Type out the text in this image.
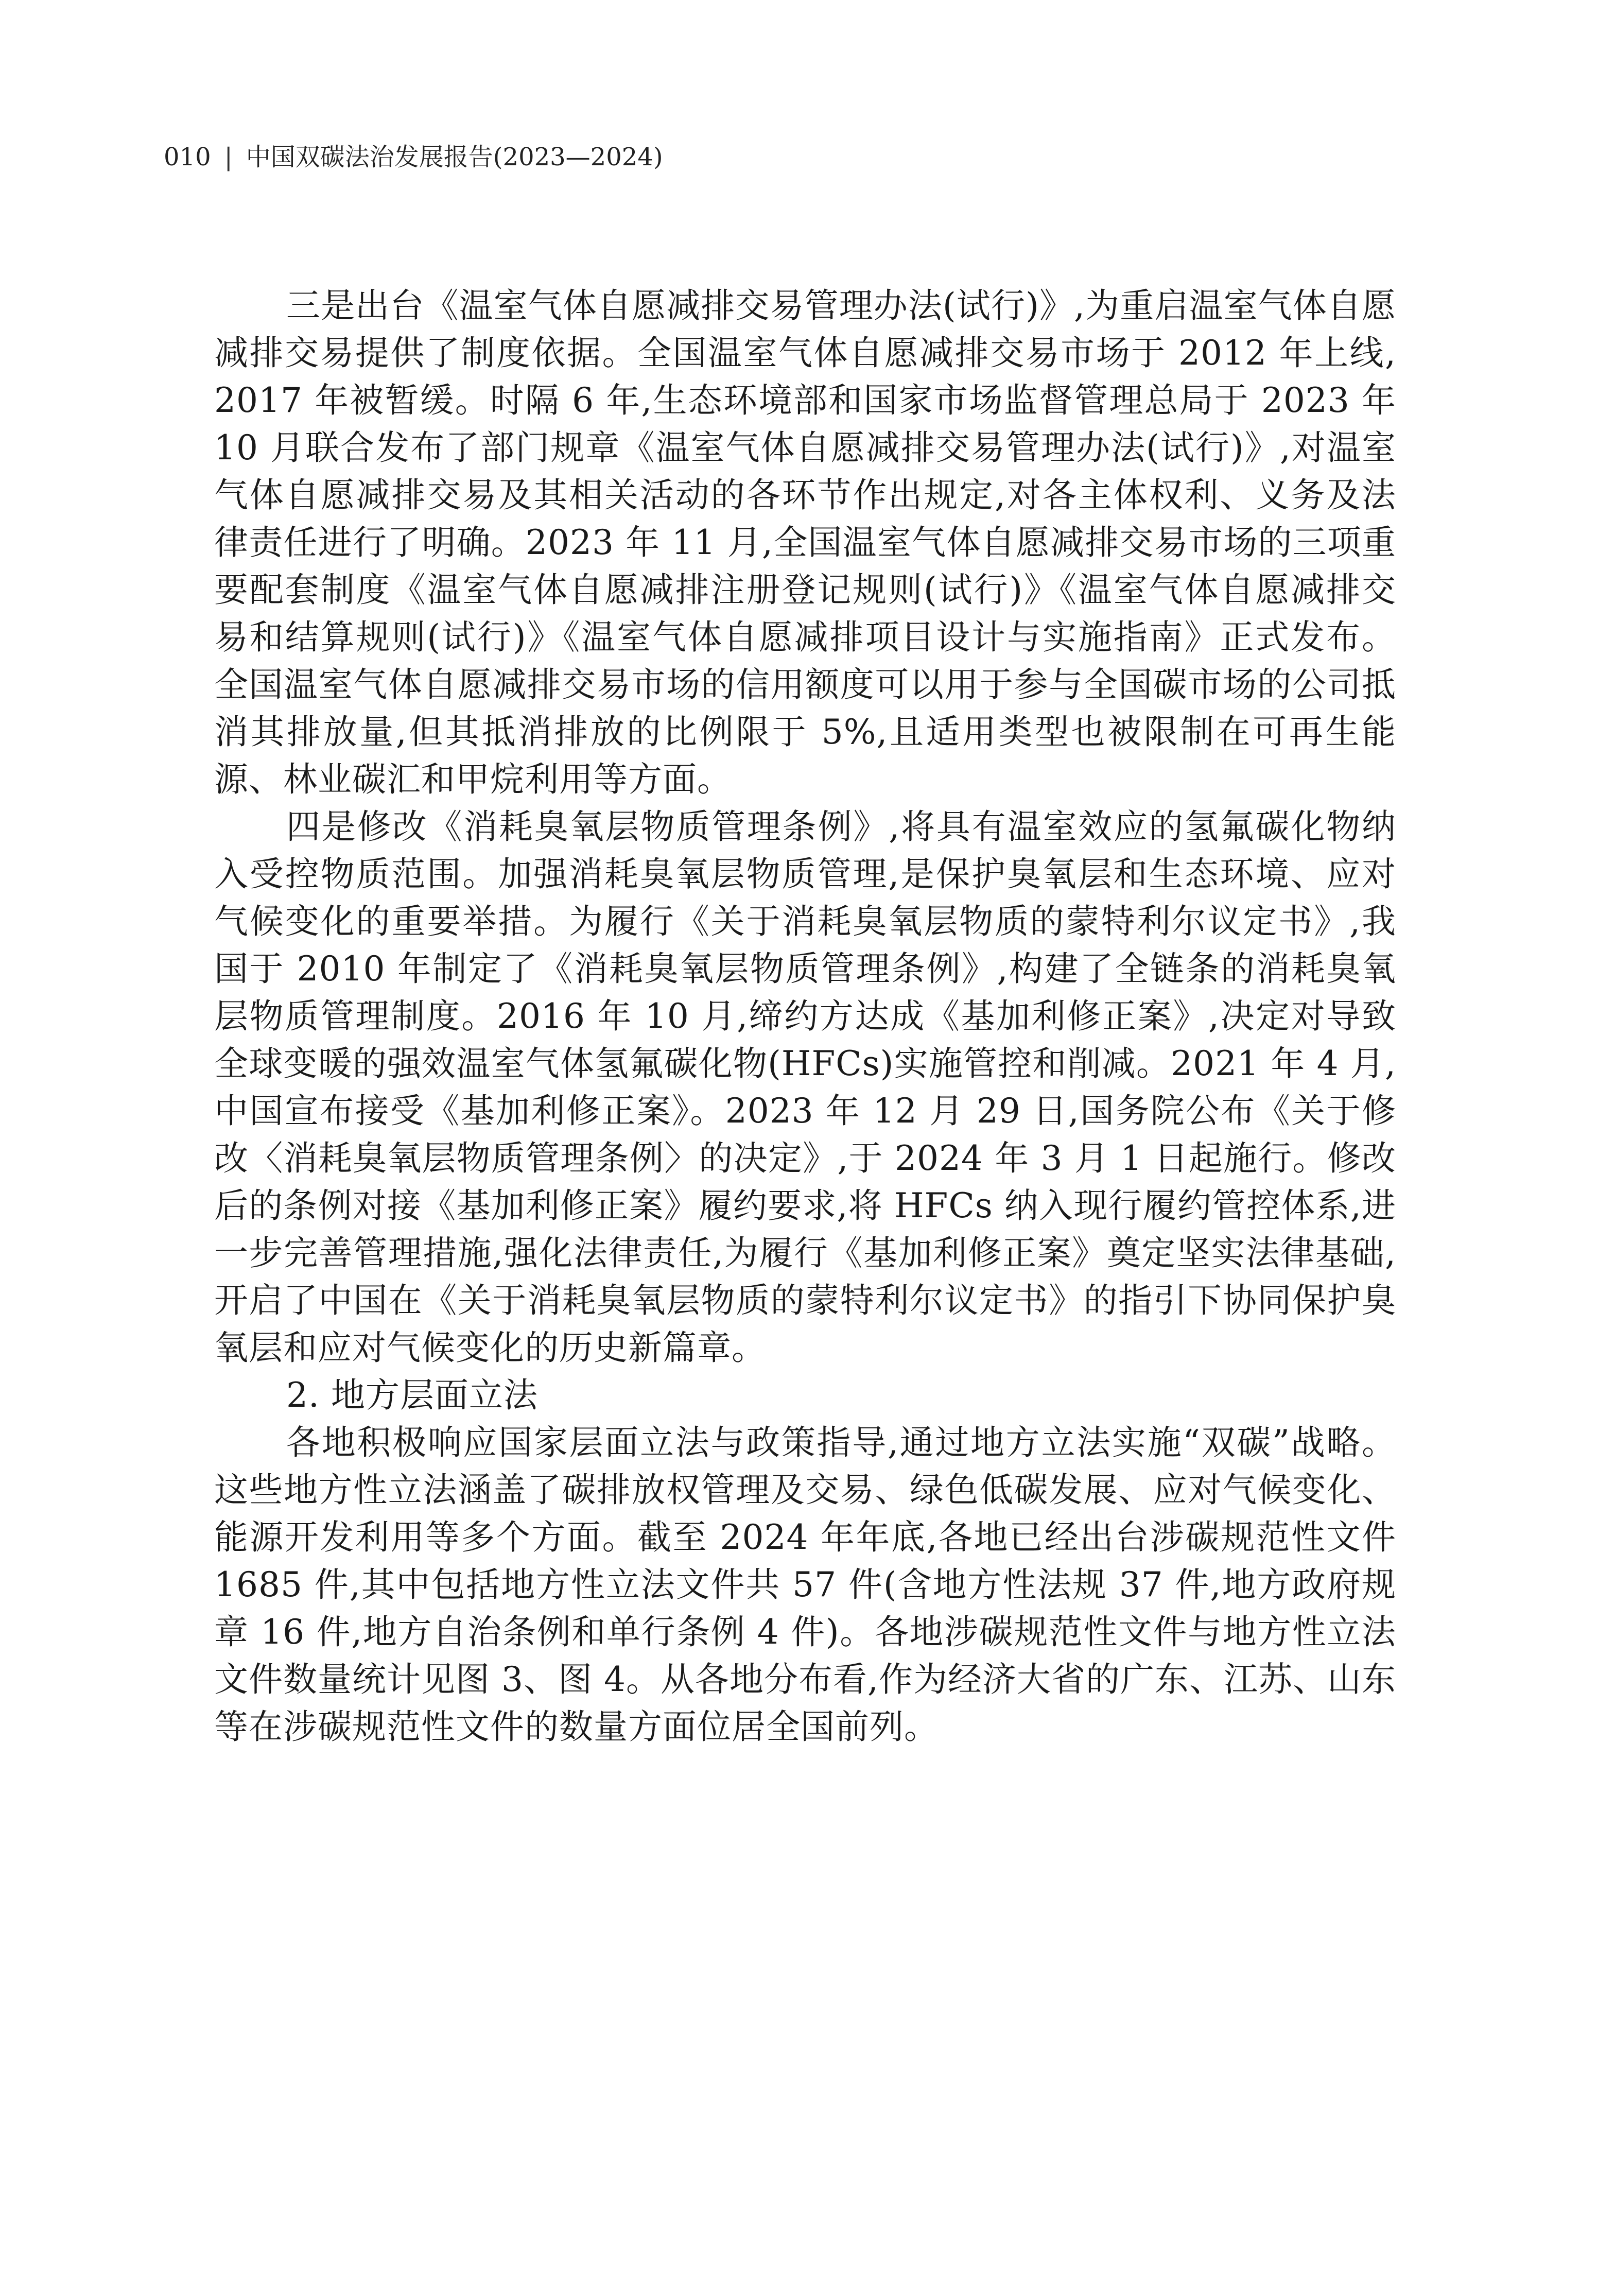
010 | 中国双碳法治发展报告(2023—2024)

三是出台《温室气体自愿减排交易管理办法(试行)》,为重启温室气体自愿减排交易提供了制度依据。全国温室气体自愿减排交易市场于 2012 年上线, 2017 年被暂缓。时隔 6 年,生态环境部和国家市场监督管理总局于 2023 年 10 月联合发布了部门规章《温室气体自愿减排交易管理办法(试行)》,对温室气体自愿减排交易及其相关活动的各环节作出规定,对各主体权利、义务及法律责任进行了明确。2023 年 11 月,全国温室气体自愿减排交易市场的三项重要配套制度《温室气体自愿减排注册登记规则(试行)》《温室气体自愿减排交易和结算规则(试行)》《温室气体自愿减排项目设计与实施指南》正式发布。全国温室气体自愿减排交易市场的信用额度可以用于参与全国碳市场的公司抵消其排放量,但其抵消排放的比例限于 5%,且适用类型也被限制在可再生能源、林业碳汇和甲烷利用等方面。

四是修改《消耗臭氧层物质管理条例》,将具有温室效应的氢氟碳化物纳入受控物质范围。加强消耗臭氧层物质管理,是保护臭氧层和生态环境、应对气候变化的重要举措。为履行《关于消耗臭氧层物质的蒙特利尔议定书》,我国于 2010 年制定了《消耗臭氧层物质管理条例》,构建了全链条的消耗臭氧层物质管理制度。2016 年 10 月,缔约方达成《基加利修正案》,决定对导致全球变暖的强效温室气体氢氟碳化物(HFCs)实施管控和削减。2021 年 4 月,中国宣布接受《基加利修正案》。2023 年 12 月 29 日,国务院公布《关于修改〈消耗臭氧层物质管理条例〉的决定》,于 2024 年 3 月 1 日起施行。修改后的条例对接《基加利修正案》履约要求,将 HFCs 纳入现行履约管控体系,进一步完善管理措施,强化法律责任,为履行《基加利修正案》奠定坚实法律基础,开启了中国在《关于消耗臭氧层物质的蒙特利尔议定书》的指引下协同保护臭氧层和应对气候变化的历史新篇章。

2. 地方层面立法

各地积极响应国家层面立法与政策指导,通过地方立法实施“双碳”战略。这些地方性立法涵盖了碳排放权管理及交易、绿色低碳发展、应对气候变化、能源开发利用等多个方面。截至 2024 年年底,各地已经出台涉碳规范性文件 1685 件,其中包括地方性立法文件共 57 件(含地方性法规 37 件,地方政府规章 16 件,地方自治条例和单行条例 4 件)。各地涉碳规范性文件与地方性立法文件数量统计见图 3、图 4。从各地分布看,作为经济大省的广东、江苏、山东等在涉碳规范性文件的数量方面位居全国前列。
